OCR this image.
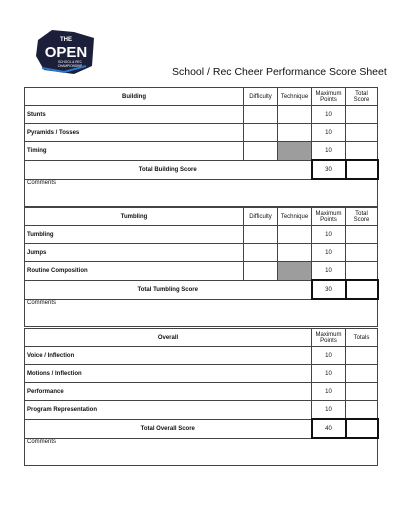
THE
OPEN
SCHOOL & REC
CHAMPIONSHIP	School / Rec Cheer Performance Score Sheet
Building	Difficulty	Technique	Maximum Points	Total Score
Stunts			10	
Pyramids / Tosses			10	
Timing			10	
Total Building Score			30	
Comments				
Tumbling	Difficulty	Technique	Maximum Points	Total Score
Tumbling			10	
Jumps			10	
Routine Composition			10	
Total Tumbling Score			30	
Comments				
Overall	Maximum Points	Totals
Voice / Inflection	10	
Motions / Inflection	10	
Performance	10	
Program Representation	10	
Total Overall Score	40	
Comments		
